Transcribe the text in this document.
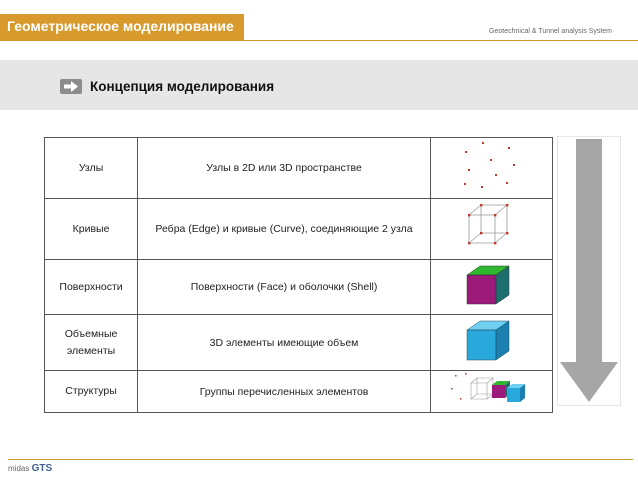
Геометрическое моделирование	Geotechnical & Tunnel analysis System
Концепция моделирования
Узлы	Узлы в 2D или 3D пространстве	
Кривые	Ребра (Edge) и кривые (Curve), соединяющие 2 узла	
Поверхности	Поверхности (Face) и оболочки (Shell)	
Объемные элементы	3D элементы имеющие объем	
Структуры	Группы перечисленных элементов	
midas GTS
